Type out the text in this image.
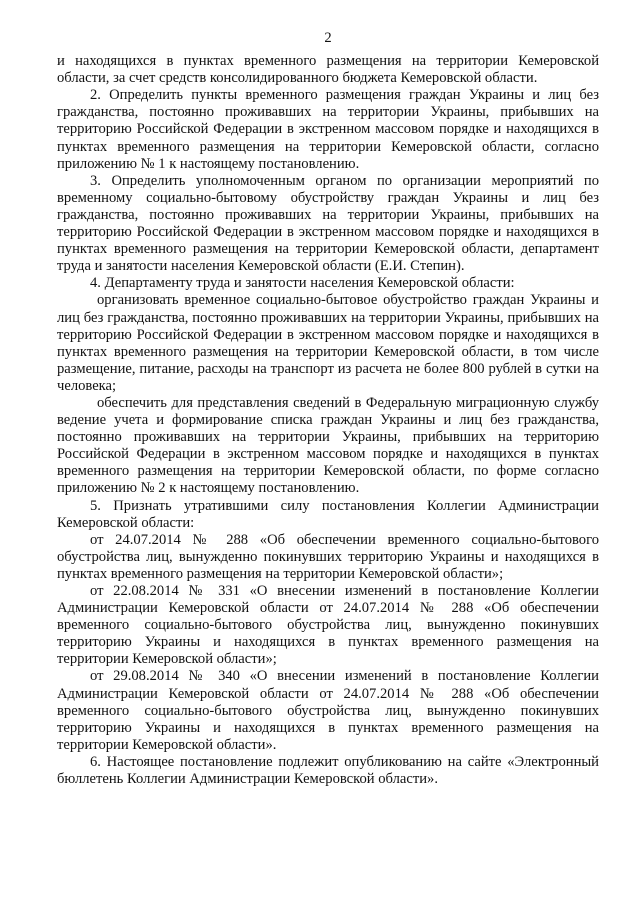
2

и находящихся в пунктах временного размещения на территории Кемеровской области, за счет средств консолидированного бюджета Кемеровской области.

2. Определить пункты временного размещения граждан Украины и лиц без гражданства, постоянно проживавших на территории Украины, прибывших на территорию Российской Федерации в экстренном массовом порядке и находящихся в пунктах временного размещения на территории Кемеровской области, согласно приложению № 1 к настоящему постановлению.

3. Определить уполномоченным органом по организации мероприятий по временному социально-бытовому обустройству граждан Украины и лиц без гражданства, постоянно проживавших на территории Украины, прибывших на территорию Российской Федерации в экстренном массовом порядке и находящихся в пунктах временного размещения на территории Кемеровской области, департамент труда и занятости населения Кемеровской области (Е.И. Степин).

4. Департаменту труда и занятости населения Кемеровской области:

организовать временное социально-бытовое обустройство граждан Украины и лиц без гражданства, постоянно проживавших на территории Украины, прибывших на территорию Российской Федерации в экстренном массовом порядке и находящихся в пунктах временного размещения на территории Кемеровской области, в том числе размещение, питание, расходы на транспорт из расчета не более 800 рублей в сутки на человека;

обеспечить для представления сведений в Федеральную миграционную службу ведение учета и формирование списка граждан Украины и лиц без гражданства, постоянно проживавших на территории Украины, прибывших на территорию Российской Федерации в экстренном массовом порядке и находящихся в пунктах временного размещения на территории Кемеровской области, по форме согласно приложению № 2 к настоящему постановлению.

5. Признать утратившими силу постановления Коллегии Администрации Кемеровской области:

от 24.07.2014 № 288 «Об обеспечении временного социально-бытового обустройства лиц, вынужденно покинувших территорию Украины и находящихся в пунктах временного размещения на территории Кемеровской области»;

от 22.08.2014 № 331 «О внесении изменений в постановление Коллегии Администрации Кемеровской области от 24.07.2014 № 288 «Об обеспечении временного социально-бытового обустройства лиц, вынужденно покинувших территорию Украины и находящихся в пунктах временного размещения на территории Кемеровской области»;

от 29.08.2014 № 340 «О внесении изменений в постановление Коллегии Администрации Кемеровской области от 24.07.2014 № 288 «Об обеспечении временного социально-бытового обустройства лиц, вынужденно покинувших территорию Украины и находящихся в пунктах временного размещения на территории Кемеровской области».

6. Настоящее постановление подлежит опубликованию на сайте «Электронный бюллетень Коллегии Администрации Кемеровской области».
